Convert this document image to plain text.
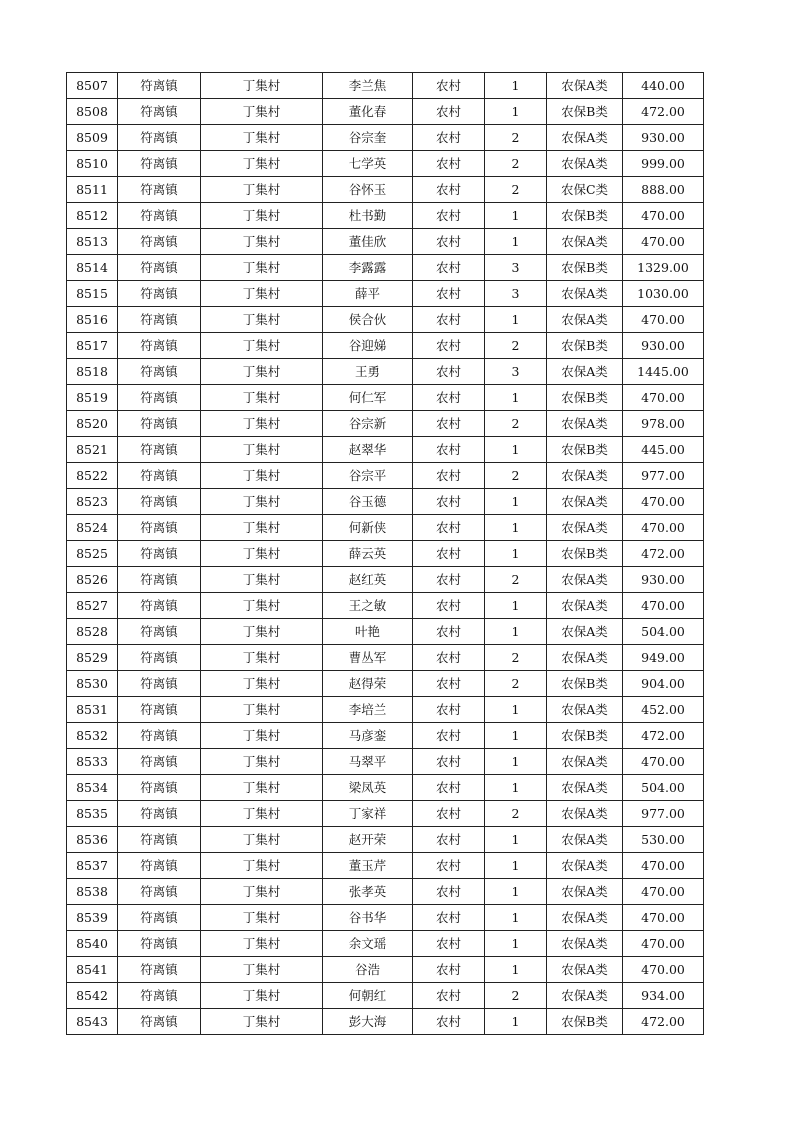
8507	符离镇	丁集村	李兰焦	农村	1	农保A类	440.00
8508	符离镇	丁集村	董化春	农村	1	农保B类	472.00
8509	符离镇	丁集村	谷宗奎	农村	2	农保A类	930.00
8510	符离镇	丁集村	七学英	农村	2	农保A类	999.00
8511	符离镇	丁集村	谷怀玉	农村	2	农保C类	888.00
8512	符离镇	丁集村	杜书勤	农村	1	农保B类	470.00
8513	符离镇	丁集村	董佳欣	农村	1	农保A类	470.00
8514	符离镇	丁集村	李露露	农村	3	农保B类	1329.00
8515	符离镇	丁集村	薛平	农村	3	农保A类	1030.00
8516	符离镇	丁集村	侯合伙	农村	1	农保A类	470.00
8517	符离镇	丁集村	谷迎娣	农村	2	农保B类	930.00
8518	符离镇	丁集村	王勇	农村	3	农保A类	1445.00
8519	符离镇	丁集村	何仁军	农村	1	农保B类	470.00
8520	符离镇	丁集村	谷宗新	农村	2	农保A类	978.00
8521	符离镇	丁集村	赵翠华	农村	1	农保B类	445.00
8522	符离镇	丁集村	谷宗平	农村	2	农保A类	977.00
8523	符离镇	丁集村	谷玉德	农村	1	农保A类	470.00
8524	符离镇	丁集村	何新侠	农村	1	农保A类	470.00
8525	符离镇	丁集村	薛云英	农村	1	农保B类	472.00
8526	符离镇	丁集村	赵红英	农村	2	农保A类	930.00
8527	符离镇	丁集村	王之敏	农村	1	农保A类	470.00
8528	符离镇	丁集村	叶艳	农村	1	农保A类	504.00
8529	符离镇	丁集村	曹丛军	农村	2	农保A类	949.00
8530	符离镇	丁集村	赵得荣	农村	2	农保B类	904.00
8531	符离镇	丁集村	李培兰	农村	1	农保A类	452.00
8532	符离镇	丁集村	马彦銮	农村	1	农保B类	472.00
8533	符离镇	丁集村	马翠平	农村	1	农保A类	470.00
8534	符离镇	丁集村	梁凤英	农村	1	农保A类	504.00
8535	符离镇	丁集村	丁家祥	农村	2	农保A类	977.00
8536	符离镇	丁集村	赵开荣	农村	1	农保A类	530.00
8537	符离镇	丁集村	董玉芹	农村	1	农保A类	470.00
8538	符离镇	丁集村	张孝英	农村	1	农保A类	470.00
8539	符离镇	丁集村	谷书华	农村	1	农保A类	470.00
8540	符离镇	丁集村	余文瑶	农村	1	农保A类	470.00
8541	符离镇	丁集村	谷浩	农村	1	农保A类	470.00
8542	符离镇	丁集村	何朝红	农村	2	农保A类	934.00
8543	符离镇	丁集村	彭大海	农村	1	农保B类	472.00
